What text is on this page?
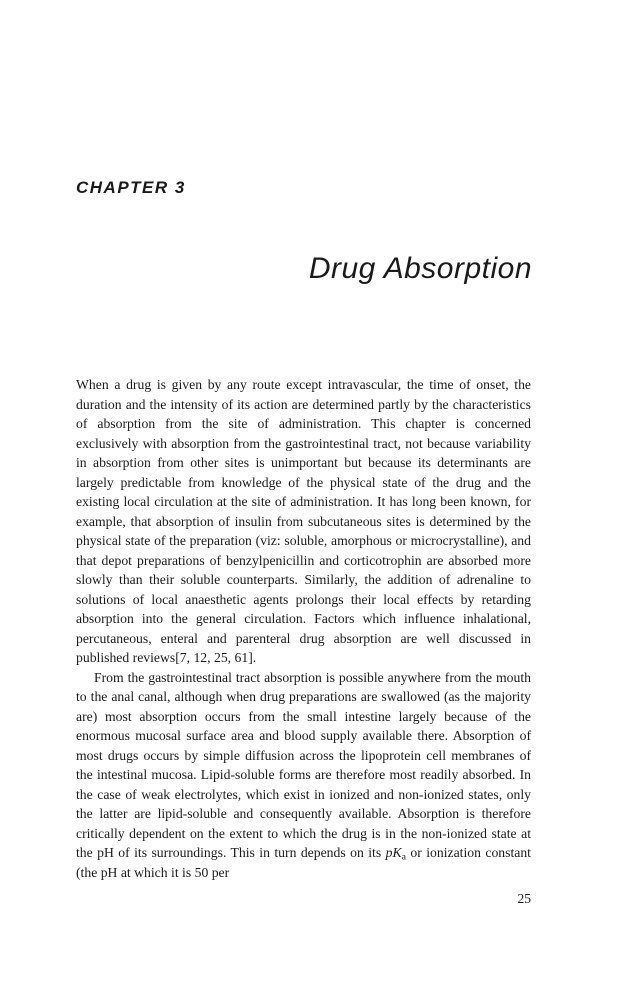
CHAPTER 3
Drug Absorption

When a drug is given by any route except intravascular, the time of onset, the duration and the intensity of its action are determined partly by the characteristics of absorption from the site of administration. This chapter is concerned exclusively with absorption from the gastrointestinal tract, not because variability in absorption from other sites is unimportant but because its determinants are largely predictable from knowledge of the physical state of the drug and the existing local circulation at the site of administration. It has long been known, for example, that absorption of insulin from subcutaneous sites is determined by the physical state of the preparation (viz: soluble, amorphous or microcrystalline), and that depot preparations of benzylpenicillin and corticotrophin are absorbed more slowly than their soluble counterparts. Similarly, the addition of adrenaline to solutions of local anaesthetic agents prolongs their local effects by retarding absorption into the general circulation. Factors which influence inhalational, percutaneous, enteral and parenteral drug absorption are well discussed in published reviews[7, 12, 25, 61].

From the gastrointestinal tract absorption is possible anywhere from the mouth to the anal canal, although when drug preparations are swallowed (as the majority are) most absorption occurs from the small intestine largely because of the enormous mucosal surface area and blood supply available there. Absorption of most drugs occurs by simple diffusion across the lipoprotein cell membranes of the intestinal mucosa. Lipid-soluble forms are therefore most readily absorbed. In the case of weak electrolytes, which exist in ionized and non-ionized states, only the latter are lipid-soluble and consequently available. Absorption is therefore critically dependent on the extent to which the drug is in the non-ionized state at the pH of its surroundings. This in turn depends on its $pK_a$ or ionization constant (the pH at which it is 50 per

25
